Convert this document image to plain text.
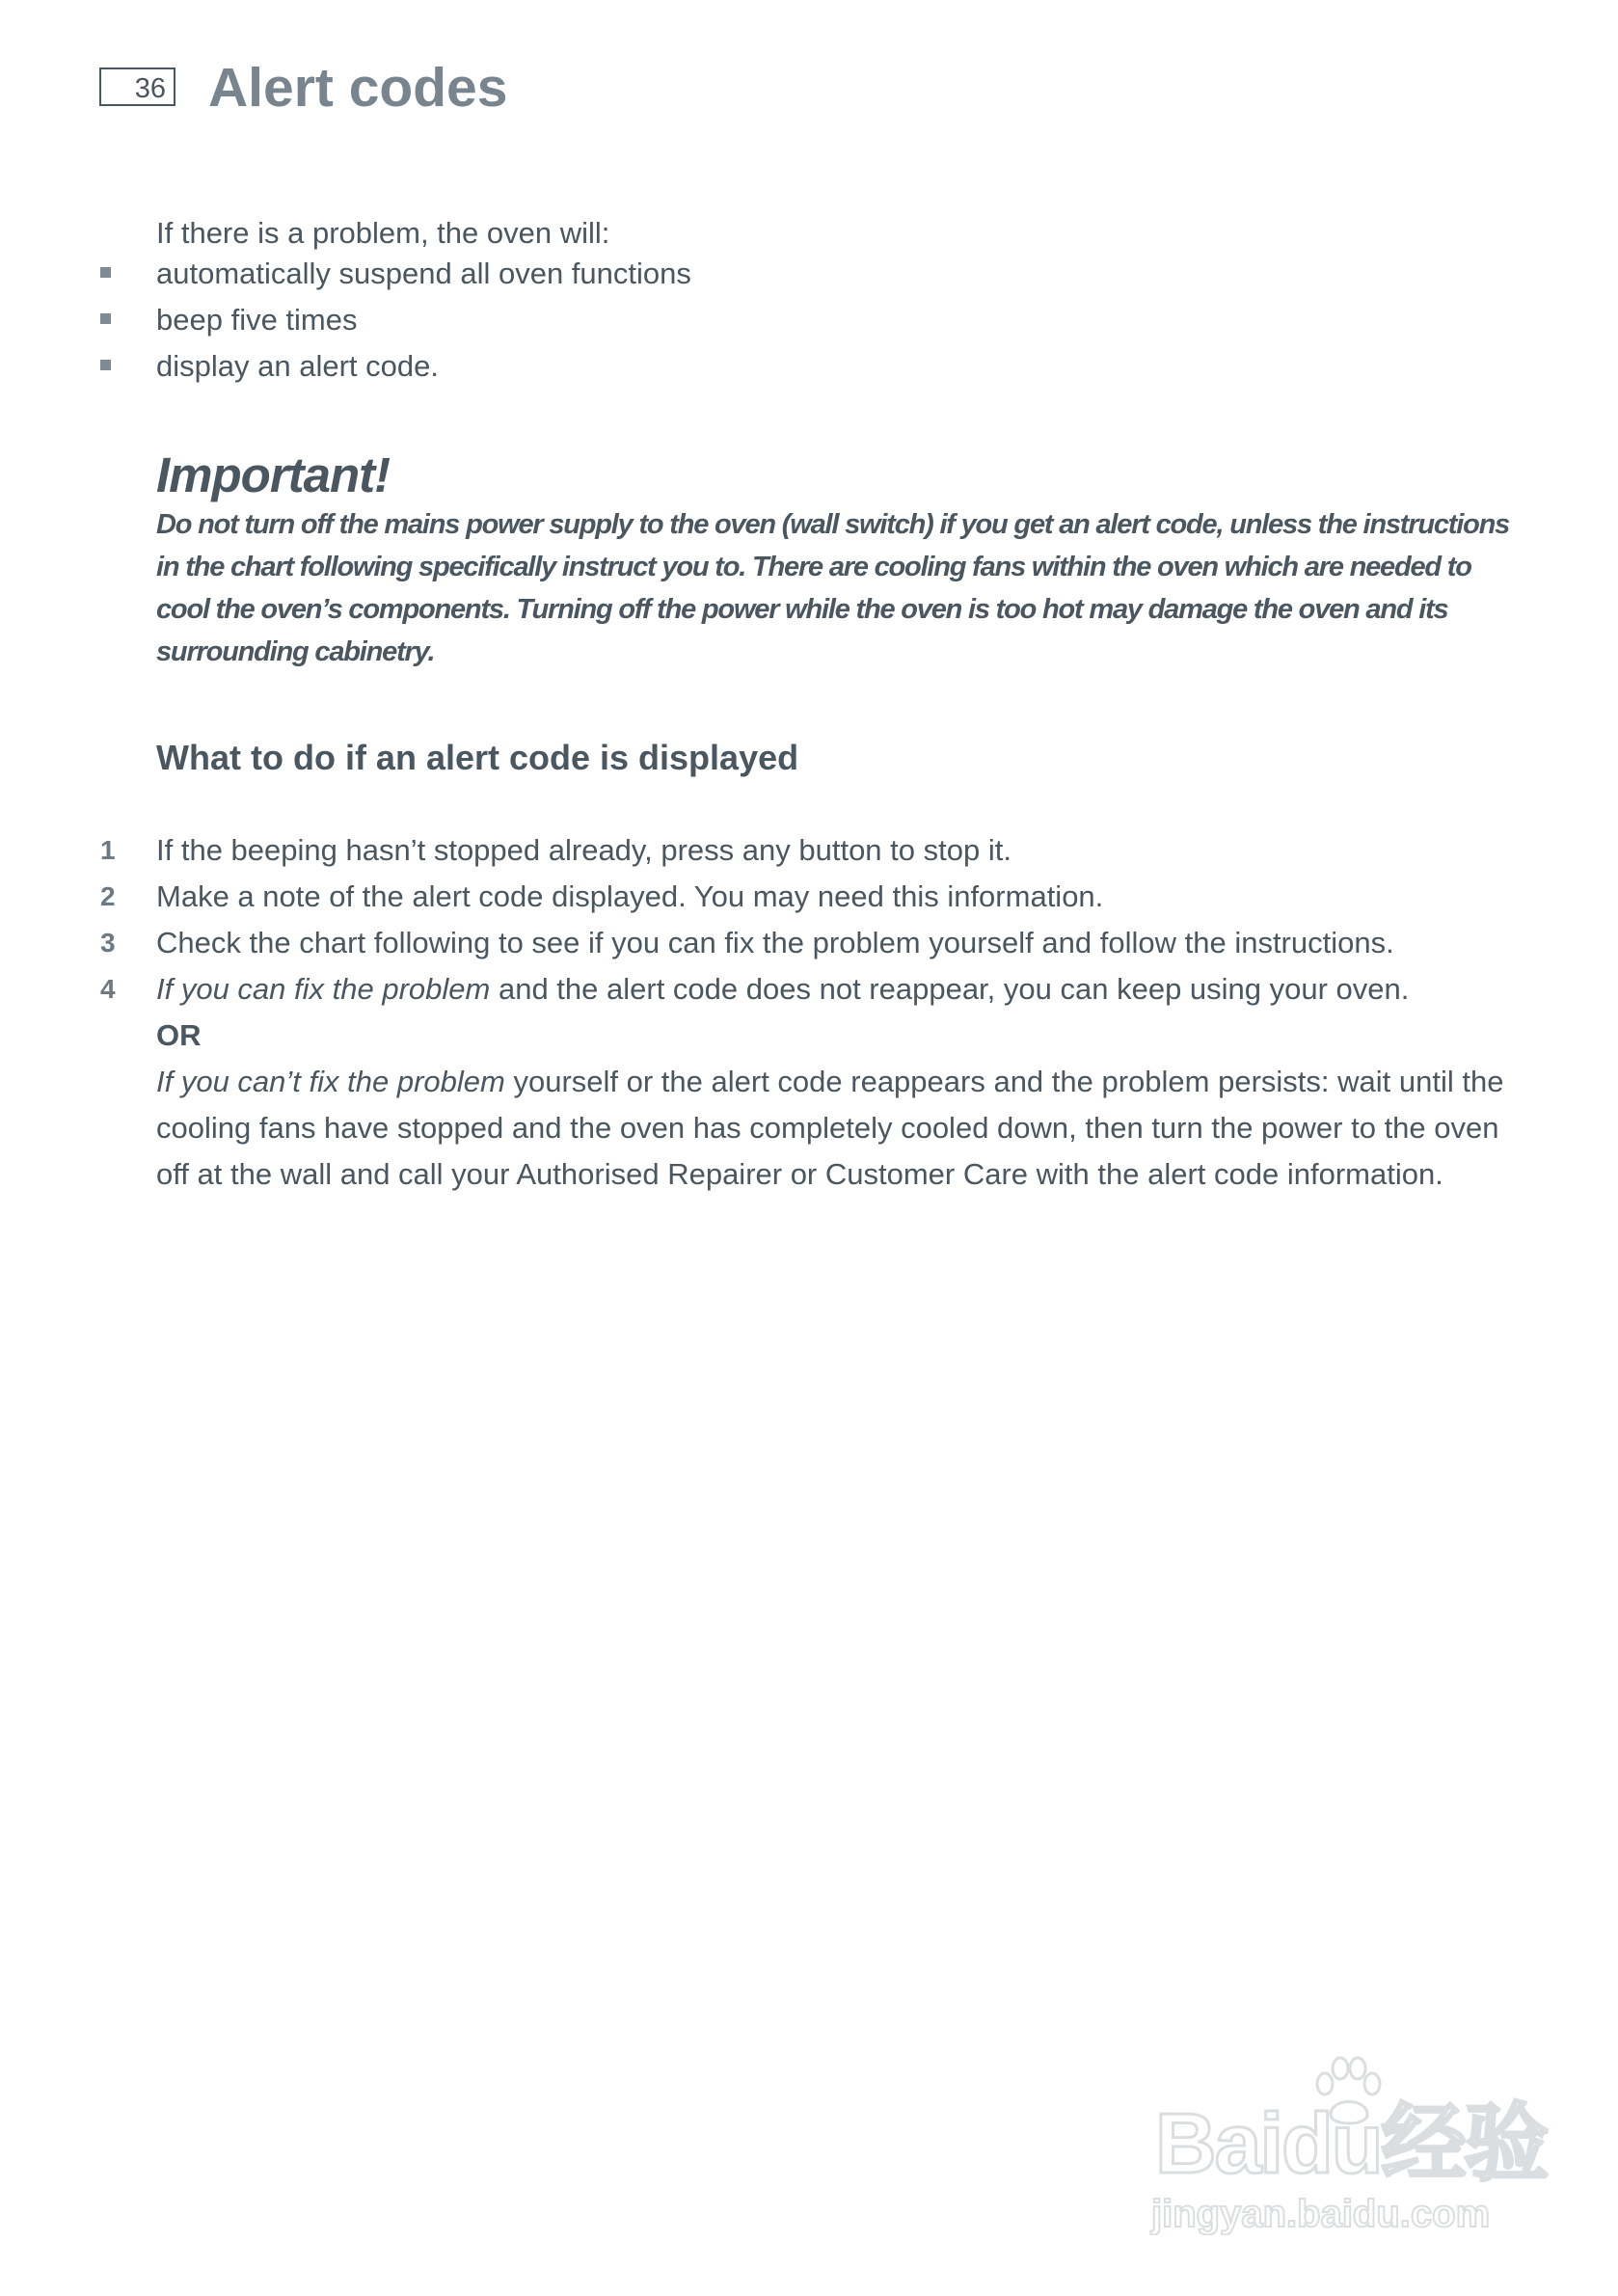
36 Alert codes

If there is a problem, the oven will:

automatically suspend all oven functions
beep five times
display an alert code.
Important!

Do not turn off the mains power supply to the oven (wall switch) if you get an alert code, unless the instructions in the chart following specifically instruct you to. There are cooling fans within the oven which are needed to cool the oven’s components. Turning off the power while the oven is too hot may damage the oven and its surrounding cabinetry.

What to do if an alert code is displayed
1 If the beeping hasn’t stopped already, press any button to stop it.
2 Make a note of the alert code displayed. You may need this information.
3 Check the chart following to see if you can fix the problem yourself and follow the instructions.
4 If you can fix the problem and the alert code does not reappear, you can keep using your oven.
OR
If you can’t fix the problem yourself or the alert code reappears and the problem persists: wait until the cooling fans have stopped and the oven has completely cooled down, then turn the power to the oven off at the wall and call your Authorised Repairer or Customer Care with the alert code information.
Baidu经验
jingyan.baidu.com
